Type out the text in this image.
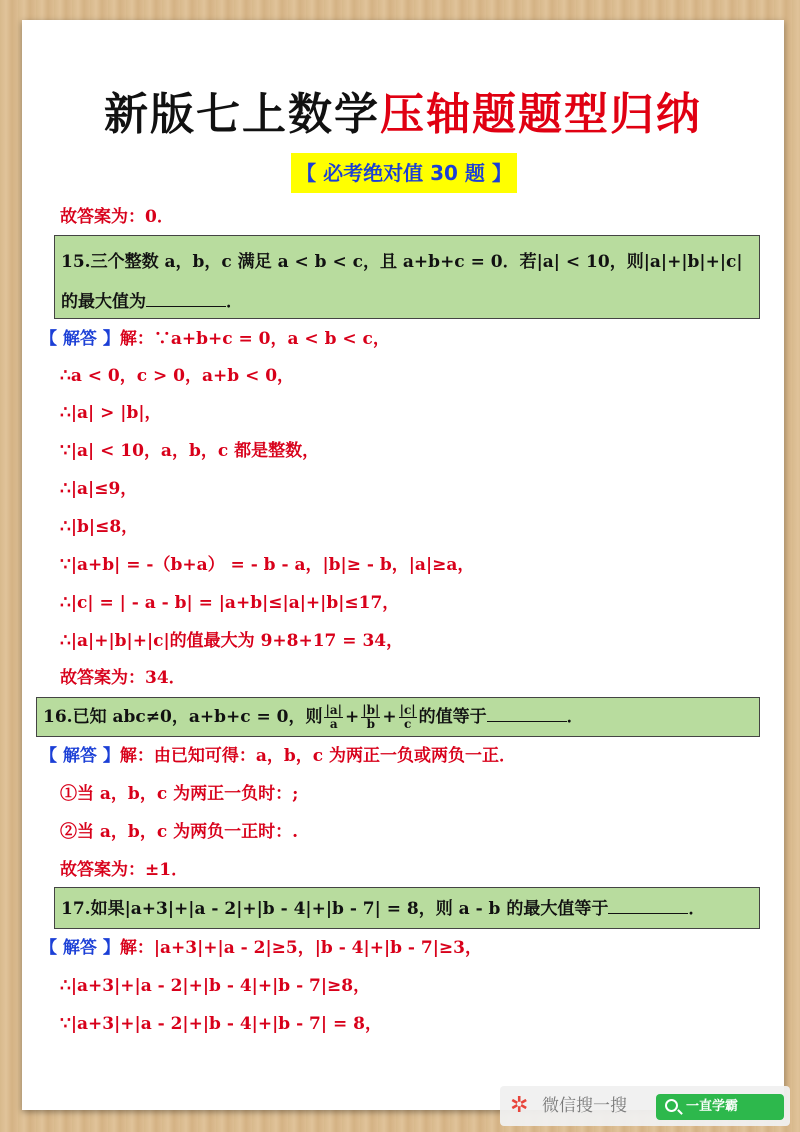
新版七上数学压轴题题型归纳
【 必考绝对值 30 题 】
故答案为：0．
15.三个整数 a，b，c 满足 a < b < c，且 a+b+c = 0．若|a| < 10，则|a|+|b|+|c|
的最大值为	．
【 解答 】解：∵a+b+c = 0，a < b < c，
∴a < 0，c > 0，a+b < 0，
∴|a| > |b|，
∵|a| < 10，a，b，c 都是整数，
∴|a|≤9，
∴|b|≤8，
∵|a+b| = -（b+a） = - b - a，|b|≥ - b，|a|≥a，
∴|c| = | - a - b| = |a+b|≤|a|+|b|≤17，
∴|a|+|b|+|c|的值最大为 9+8+17 = 34，
故答案为：34．
16.已知 abc≠0，a+b+c = 0，则 $\frac{|a|}{a} + \frac{|b|}{b} + \frac{|c|}{c}$ 的值等于	．
【 解答 】解：由已知可得：a，b，c 为两正一负或两负一正．
①当 a，b，c 为两正一负时：;
②当 a，b，c 为两负一正时：.
故答案为：±1．
17.如果|a+3|+|a - 2|+|b - 4|+|b - 7| = 8，则 a - b 的最大值等于	．
【 解答 】解：|a+3|+|a - 2|≥5，|b - 4|+|b - 7|≥3，
∴|a+3|+|a - 2|+|b - 4|+|b - 7|≥8，
∵|a+3|+|a - 2|+|b - 4|+|b - 7| = 8，
✲ 微信搜一搜	一直学霸
